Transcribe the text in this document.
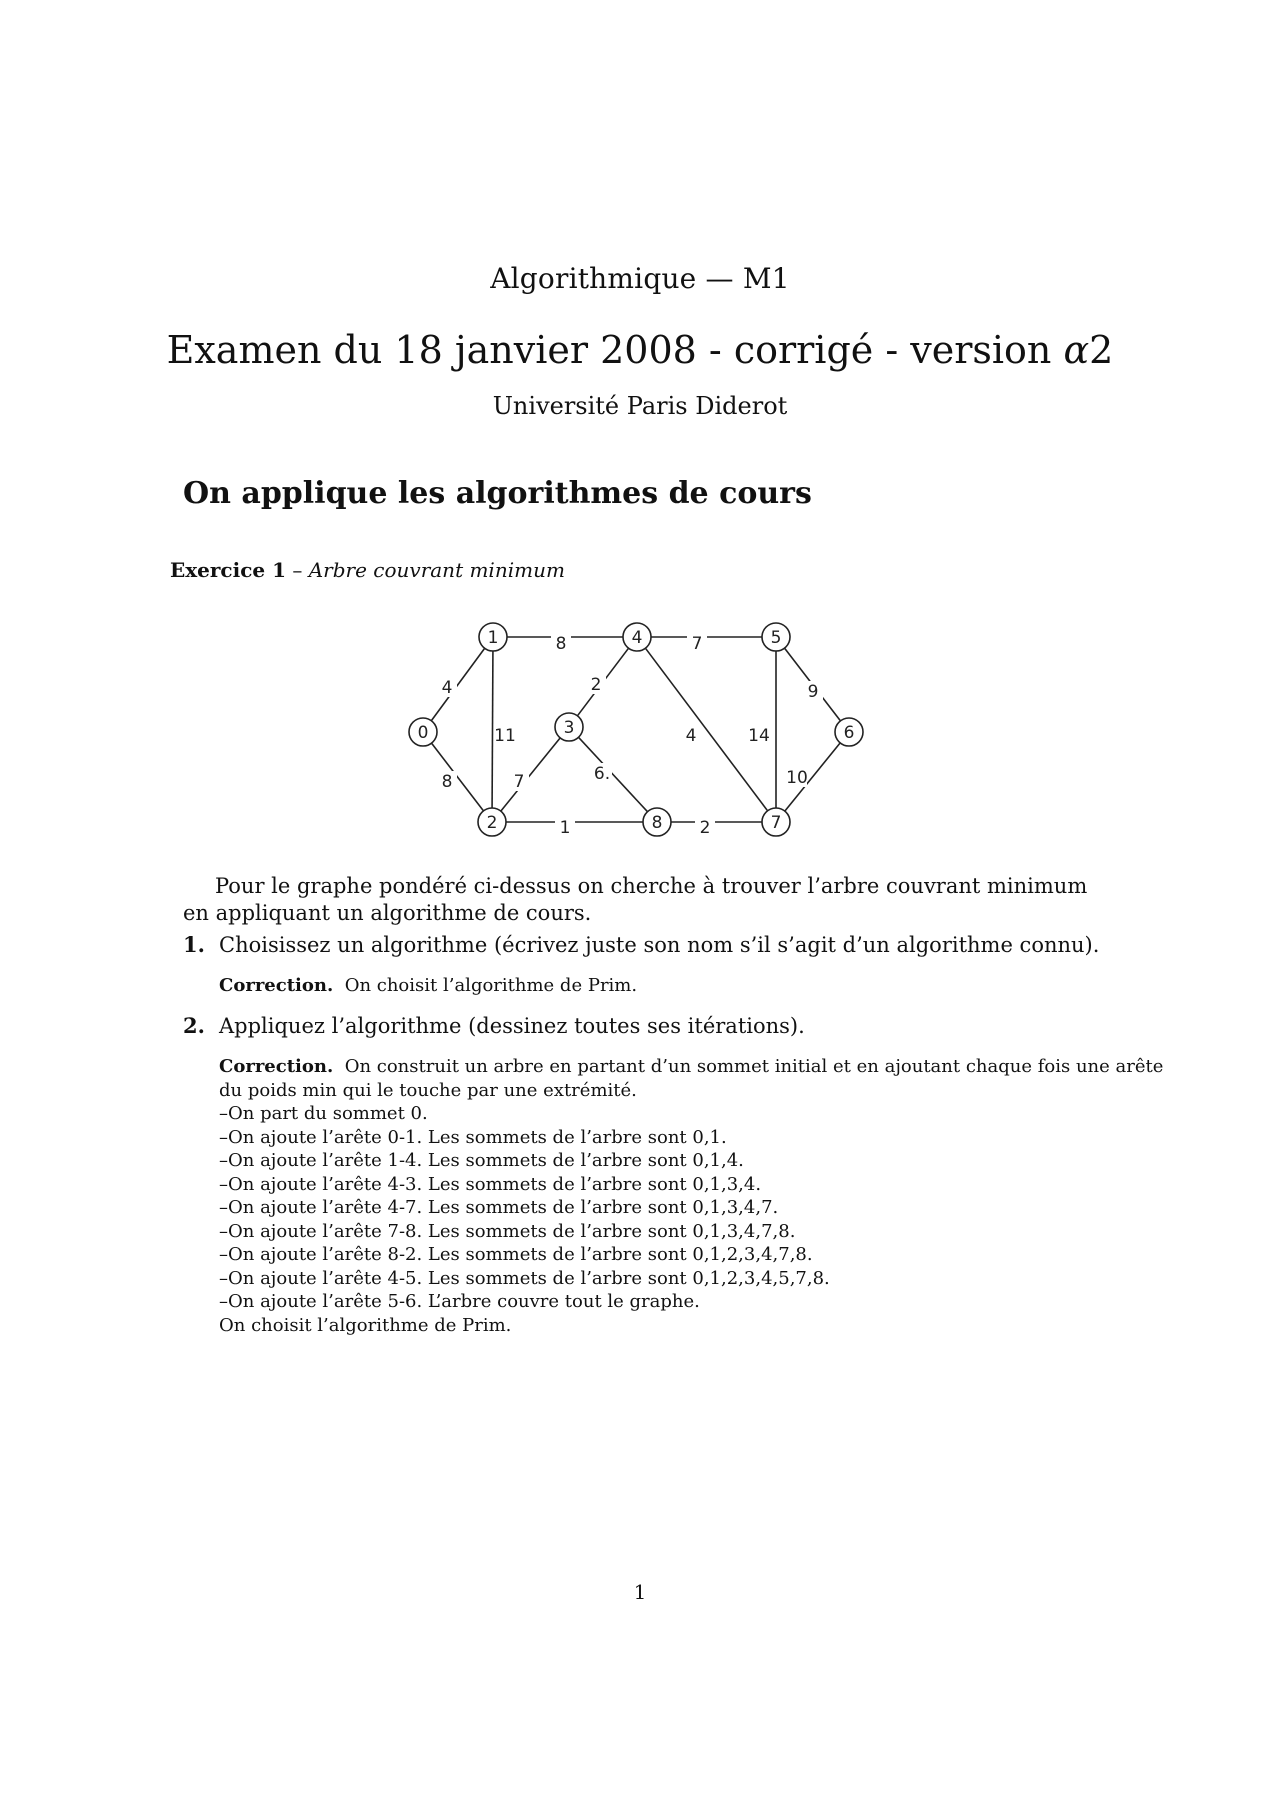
Algorithmique — M1
Examen du 18 janvier 2008 - corrigé - version α2
Université Paris Diderot
On applique les algorithmes de cours
Exercice 1 – Arbre couvrant minimum
4
8
11
8
2
7	6.
1
7
4	14
9
10
2
0
1
2
3
4	5
6
7
8
Pour le graphe pondéré ci-dessus on cherche à trouver l’arbre couvrant minimum en appliquant un algorithme de cours.
1. Choisissez un algorithme (écrivez juste son nom s’il s’agit d’un algorithme connu).
Correction. On choisit l’algorithme de Prim.
2. Appliquez l’algorithme (dessinez toutes ses itérations).
Correction. On construit un arbre en partant d’un sommet initial et en ajoutant chaque fois une arête
du poids min qui le touche par une extrémité.
–On part du sommet 0.
–On ajoute l’arête 0-1. Les sommets de l’arbre sont 0,1.
–On ajoute l’arête 1-4. Les sommets de l’arbre sont 0,1,4.
–On ajoute l’arête 4-3. Les sommets de l’arbre sont 0,1,3,4.
–On ajoute l’arête 4-7. Les sommets de l’arbre sont 0,1,3,4,7.
–On ajoute l’arête 7-8. Les sommets de l’arbre sont 0,1,3,4,7,8.
–On ajoute l’arête 8-2. Les sommets de l’arbre sont 0,1,2,3,4,7,8.
–On ajoute l’arête 4-5. Les sommets de l’arbre sont 0,1,2,3,4,5,7,8.
–On ajoute l’arête 5-6. L’arbre couvre tout le graphe.
On choisit l’algorithme de Prim.
1
